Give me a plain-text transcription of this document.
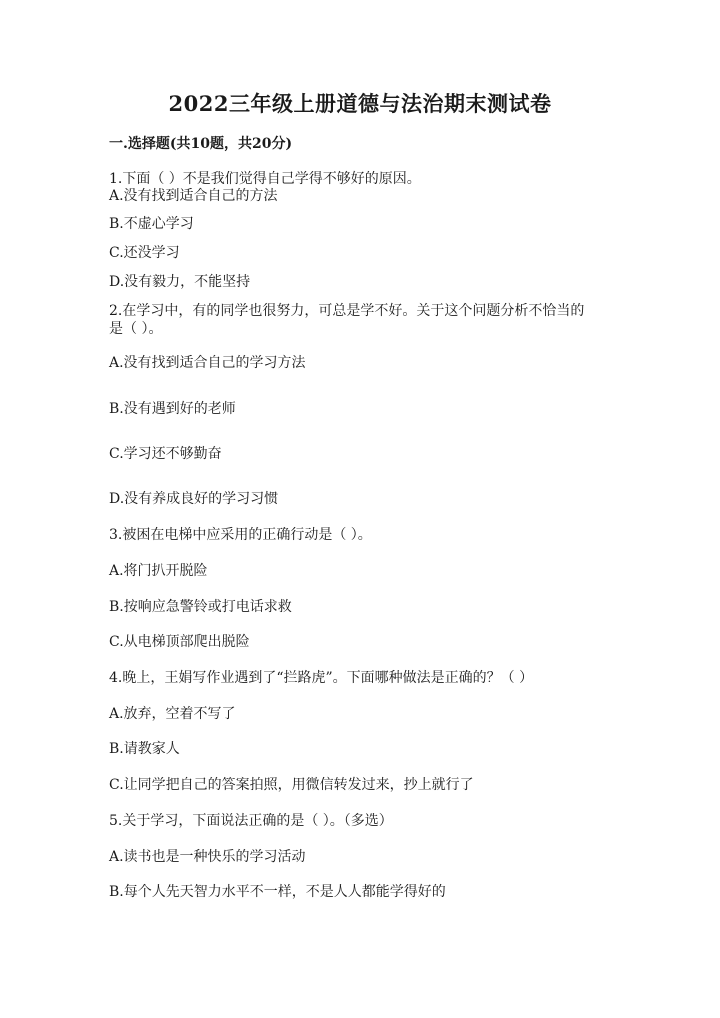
2022三年级上册道德与法治期末测试卷
一.选择题(共10题，共20分)
1.下面（ ）不是我们觉得自己学得不够好的原因。
A.没有找到适合自己的方法
B.不虚心学习
C.还没学习
D.没有毅力，不能坚持
2.在学习中，有的同学也很努力，可总是学不好。关于这个问题分析不恰当的
是（ ）。
A.没有找到适合自己的学习方法
B.没有遇到好的老师
C.学习还不够勤奋
D.没有养成良好的学习习惯
3.被困在电梯中应采用的正确行动是（ ）。
A.将门扒开脱险
B.按响应急警铃或打电话求救
C.从电梯顶部爬出脱险
4.晚上，王娟写作业遇到了“拦路虎”。下面哪种做法是正确的？（ ）
A.放弃，空着不写了
B.请教家人
C.让同学把自己的答案拍照，用微信转发过来，抄上就行了
5.关于学习，下面说法正确的是（ ）。（多选）
A.读书也是一种快乐的学习活动
B.每个人先天智力水平不一样，不是人人都能学得好的
